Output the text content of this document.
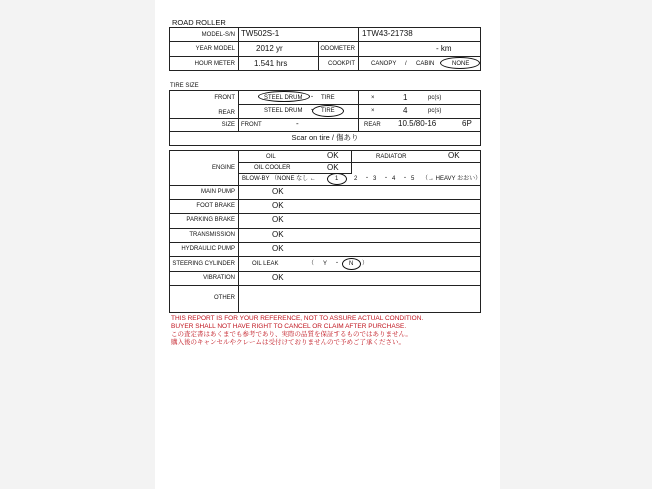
ROAD ROLLER
MODEL-S/N TW502S-1	1TW43-21738
YEAR MODEL	2012 yr	ODOMETER	- km
HOUR METER 1.541 hrs	COOKPIT	CANOPY / CABIN	NONE
TIRE SIZE
FRONT	STEEL DRUM ・ TIRE	×	1	pc(s)
REAR	STEEL DRUM ・ TIRE	×	4	pc(s)
SIZE FRONT	-	REAR 10.5/80-16	6P
Scar on tire / 傷あり
ENGINE
OIL	OK	RADIATOR	OK
OIL COOLER	OK
BLOW-BY （NONE なし ←	1	2 ・ 3 ・ 4 ・ 5 （→ HEAVY おおい）
MAIN PUMP	OK
FOOT BRAKE	OK
PARKING BRAKE	OK
TRANSMISSION	OK
HYDRAULIC PUMP	OK
STEERING CYLINDER	OIL LEAK	（ Y ・ N ）
VIBRATION	OK
OTHER
THIS REPORT IS FOR YOUR REFERENCE, NOT TO ASSURE ACTUAL CONDITION.
BUYER SHALL NOT HAVE RIGHT TO CANCEL OR CLAIM AFTER PURCHASE.
この査定書はあくまでも参考であり、実際の品質を保証するものではありません。
購入後のキャンセルやクレームは受付けておりませんので予めご了承ください。
